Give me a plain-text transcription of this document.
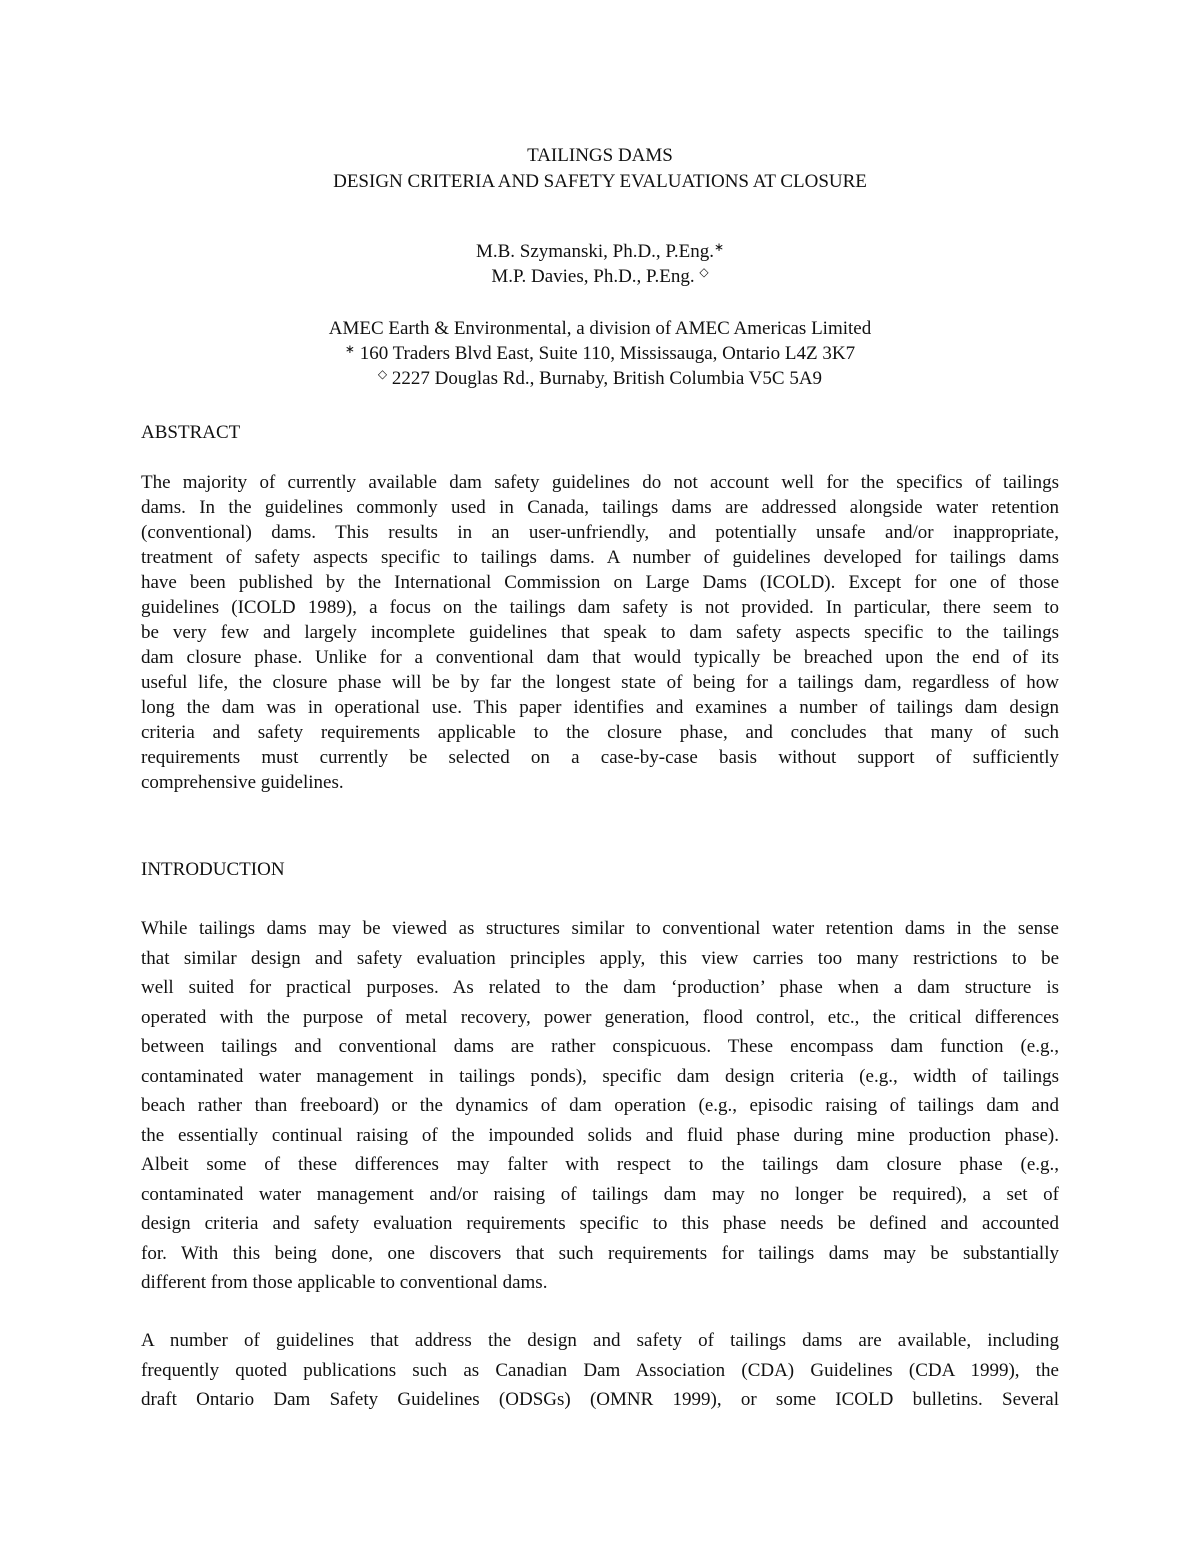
TAILINGS DAMS
DESIGN CRITERIA AND SAFETY EVALUATIONS AT CLOSURE
M.B. Szymanski, Ph.D., P.Eng.∗
M.P. Davies, Ph.D., P.Eng. ◇
AMEC Earth & Environmental, a division of AMEC Americas Limited
∗ 160 Traders Blvd East, Suite 110, Mississauga, Ontario L4Z 3K7
◇ 2227 Douglas Rd., Burnaby, British Columbia V5C 5A9
ABSTRACT
The majority of currently available dam safety guidelines do not account well for the specifics of tailings
dams. In the guidelines commonly used in Canada, tailings dams are addressed alongside water retention
(conventional) dams. This results in an user-unfriendly, and potentially unsafe and/or inappropriate,
treatment of safety aspects specific to tailings dams. A number of guidelines developed for tailings dams
have been published by the International Commission on Large Dams (ICOLD). Except for one of those
guidelines (ICOLD 1989), a focus on the tailings dam safety is not provided. In particular, there seem to
be very few and largely incomplete guidelines that speak to dam safety aspects specific to the tailings
dam closure phase. Unlike for a conventional dam that would typically be breached upon the end of its
useful life, the closure phase will be by far the longest state of being for a tailings dam, regardless of how
long the dam was in operational use. This paper identifies and examines a number of tailings dam design
criteria and safety requirements applicable to the closure phase, and concludes that many of such
requirements must currently be selected on a case-by-case basis without support of sufficiently
comprehensive guidelines.
INTRODUCTION
While tailings dams may be viewed as structures similar to conventional water retention dams in the sense
that similar design and safety evaluation principles apply, this view carries too many restrictions to be
well suited for practical purposes. As related to the dam ‘production’ phase when a dam structure is
operated with the purpose of metal recovery, power generation, flood control, etc., the critical differences
between tailings and conventional dams are rather conspicuous. These encompass dam function (e.g.,
contaminated water management in tailings ponds), specific dam design criteria (e.g., width of tailings
beach rather than freeboard) or the dynamics of dam operation (e.g., episodic raising of tailings dam and
the essentially continual raising of the impounded solids and fluid phase during mine production phase).
Albeit some of these differences may falter with respect to the tailings dam closure phase (e.g.,
contaminated water management and/or raising of tailings dam may no longer be required), a set of
design criteria and safety evaluation requirements specific to this phase needs be defined and accounted
for. With this being done, one discovers that such requirements for tailings dams may be substantially
different from those applicable to conventional dams.
A number of guidelines that address the design and safety of tailings dams are available, including
frequently quoted publications such as Canadian Dam Association (CDA) Guidelines (CDA 1999), the
draft Ontario Dam Safety Guidelines (ODSGs) (OMNR 1999), or some ICOLD bulletins. Several
